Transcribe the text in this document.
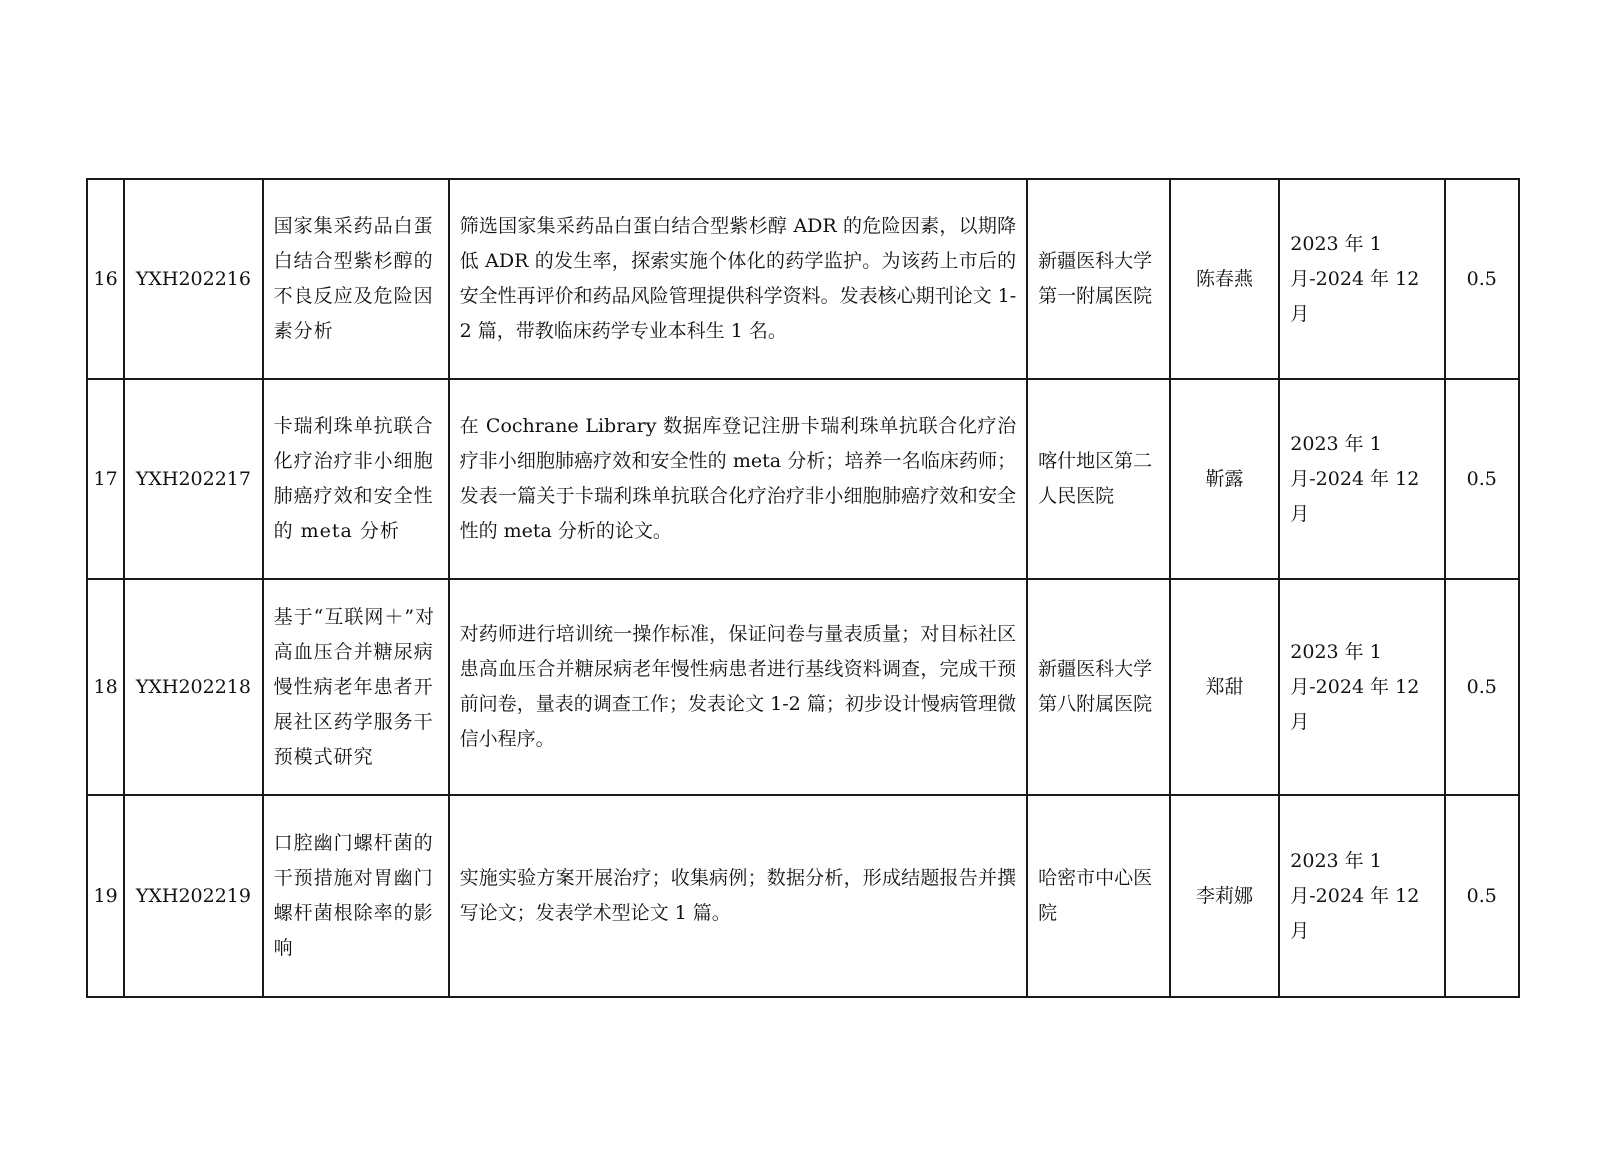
16	YXH202216	国家集采药品白蛋白结合型紫杉醇的不良反应及危险因素分析	筛选国家集采药品白蛋白结合型紫杉醇 ADR 的危险因素，以期降低 ADR 的发生率，探索实施个体化的药学监护。为该药上市后的安全性再评价和药品风险管理提供科学资料。发表核心期刊论文 1-2 篇，带教临床药学专业本科生 1 名。	新疆医科大学第一附属医院	陈春燕	2023 年 1 月-2024 年 12 月	0.5
17	YXH202217	卡瑞利珠单抗联合化疗治疗非小细胞肺癌疗效和安全性的 meta 分析	在 Cochrane Library 数据库登记注册卡瑞利珠单抗联合化疗治疗非小细胞肺癌疗效和安全性的 meta 分析；培养一名临床药师；发表一篇关于卡瑞利珠单抗联合化疗治疗非小细胞肺癌疗效和安全性的 meta 分析的论文。	喀什地区第二人民医院	靳露	2023 年 1 月-2024 年 12 月	0.5
18	YXH202218	基于“互联网＋”对高血压合并糖尿病慢性病老年患者开展社区药学服务干预模式研究	对药师进行培训统一操作标准，保证问卷与量表质量；对目标社区患高血压合并糖尿病老年慢性病患者进行基线资料调查，完成干预前问卷，量表的调查工作；发表论文 1-2 篇；初步设计慢病管理微信小程序。	新疆医科大学第八附属医院	郑甜	2023 年 1 月-2024 年 12 月	0.5
19	YXH202219	口腔幽门螺杆菌的干预措施对胃幽门螺杆菌根除率的影响	实施实验方案开展治疗；收集病例；数据分析，形成结题报告并撰写论文；发表学术型论文 1 篇。	哈密市中心医院	李莉娜	2023 年 1 月-2024 年 12 月	0.5
